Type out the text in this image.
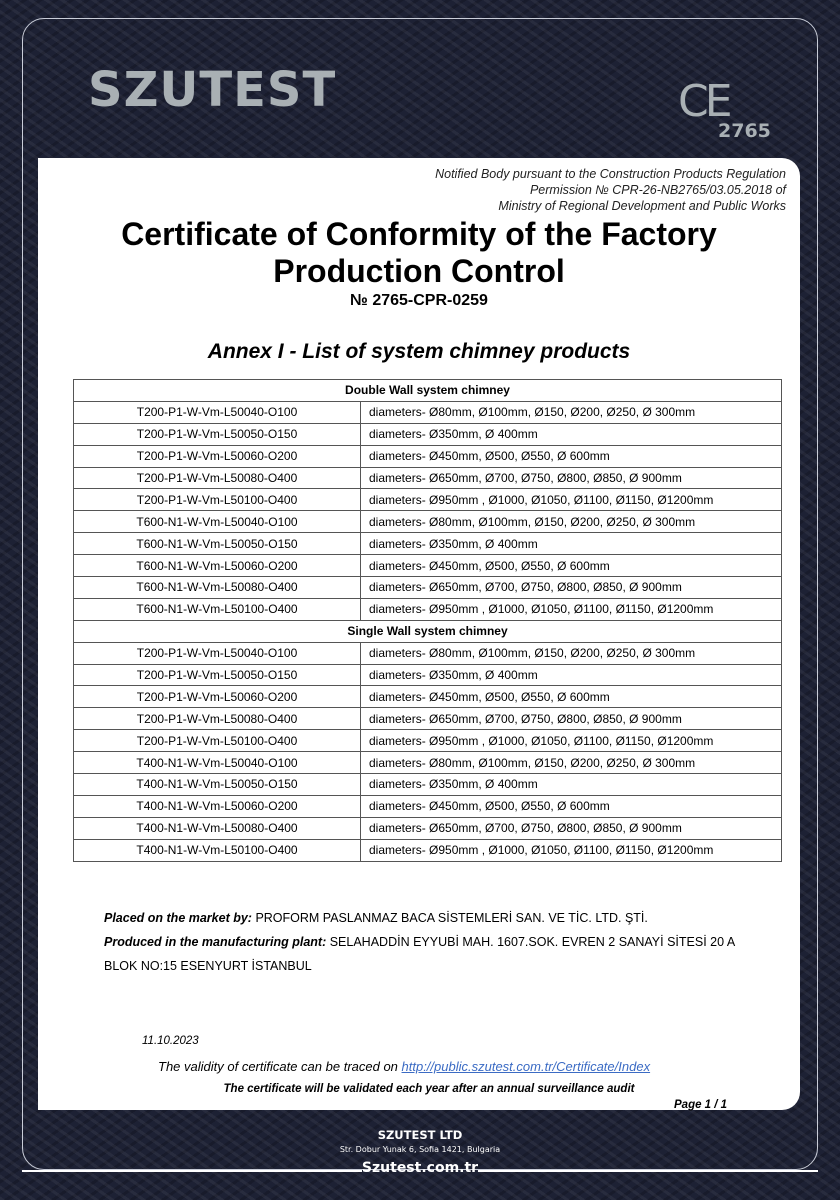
SZUTEST	CE
2765
Notified Body pursuant to the Construction Products Regulation
Permission № CPR-26-NB2765/03.05.2018 of
Ministry of Regional Development and Public Works
Certificate of Conformity of the Factory
Production Control
№ 2765-CPR-0259
Annex I - List of system chimney products
Double Wall system chimney	
T200-P1-W-Vm-L50040-O100	diameters- Ø80mm, Ø100mm, Ø150, Ø200, Ø250, Ø 300mm
T200-P1-W-Vm-L50050-O150	diameters- Ø350mm, Ø 400mm
T200-P1-W-Vm-L50060-O200	diameters- Ø450mm, Ø500, Ø550, Ø 600mm
T200-P1-W-Vm-L50080-O400	diameters- Ø650mm, Ø700, Ø750, Ø800, Ø850, Ø 900mm
T200-P1-W-Vm-L50100-O400	diameters- Ø950mm , Ø1000, Ø1050, Ø1100, Ø1150, Ø1200mm
T600-N1-W-Vm-L50040-O100	diameters- Ø80mm, Ø100mm, Ø150, Ø200, Ø250, Ø 300mm
T600-N1-W-Vm-L50050-O150	diameters- Ø350mm, Ø 400mm
T600-N1-W-Vm-L50060-O200	diameters- Ø450mm, Ø500, Ø550, Ø 600mm
T600-N1-W-Vm-L50080-O400	diameters- Ø650mm, Ø700, Ø750, Ø800, Ø850, Ø 900mm
T600-N1-W-Vm-L50100-O400	diameters- Ø950mm , Ø1000, Ø1050, Ø1100, Ø1150, Ø1200mm
Single Wall system chimney	
T200-P1-W-Vm-L50040-O100	diameters- Ø80mm, Ø100mm, Ø150, Ø200, Ø250, Ø 300mm
T200-P1-W-Vm-L50050-O150	diameters- Ø350mm, Ø 400mm
T200-P1-W-Vm-L50060-O200	diameters- Ø450mm, Ø500, Ø550, Ø 600mm
T200-P1-W-Vm-L50080-O400	diameters- Ø650mm, Ø700, Ø750, Ø800, Ø850, Ø 900mm
T200-P1-W-Vm-L50100-O400	diameters- Ø950mm , Ø1000, Ø1050, Ø1100, Ø1150, Ø1200mm
T400-N1-W-Vm-L50040-O100	diameters- Ø80mm, Ø100mm, Ø150, Ø200, Ø250, Ø 300mm
T400-N1-W-Vm-L50050-O150	diameters- Ø350mm, Ø 400mm
T400-N1-W-Vm-L50060-O200	diameters- Ø450mm, Ø500, Ø550, Ø 600mm
T400-N1-W-Vm-L50080-O400	diameters- Ø650mm, Ø700, Ø750, Ø800, Ø850, Ø 900mm
T400-N1-W-Vm-L50100-O400	diameters- Ø950mm , Ø1000, Ø1050, Ø1100, Ø1150, Ø1200mm
Placed on the market by: PROFORM PASLANMAZ BACA SİSTEMLERİ SAN. VE TİC. LTD. ŞTİ.
Produced in the manufacturing plant: SELAHADDİN EYYUBİ MAH. 1607.SOK. EVREN 2 SANAYİ SİTESİ 20 A BLOK NO:15 ESENYURT İSTANBUL
11.10.2023
The validity of certificate can be traced on http://public.szutest.com.tr/Certificate/Index
The certificate will be validated each year after an annual surveillance audit
Page 1 / 1
SZUTEST LTD
Str. Dobur Yunak 6, Sofia 1421, Bulgaria
Szutest.com.tr
